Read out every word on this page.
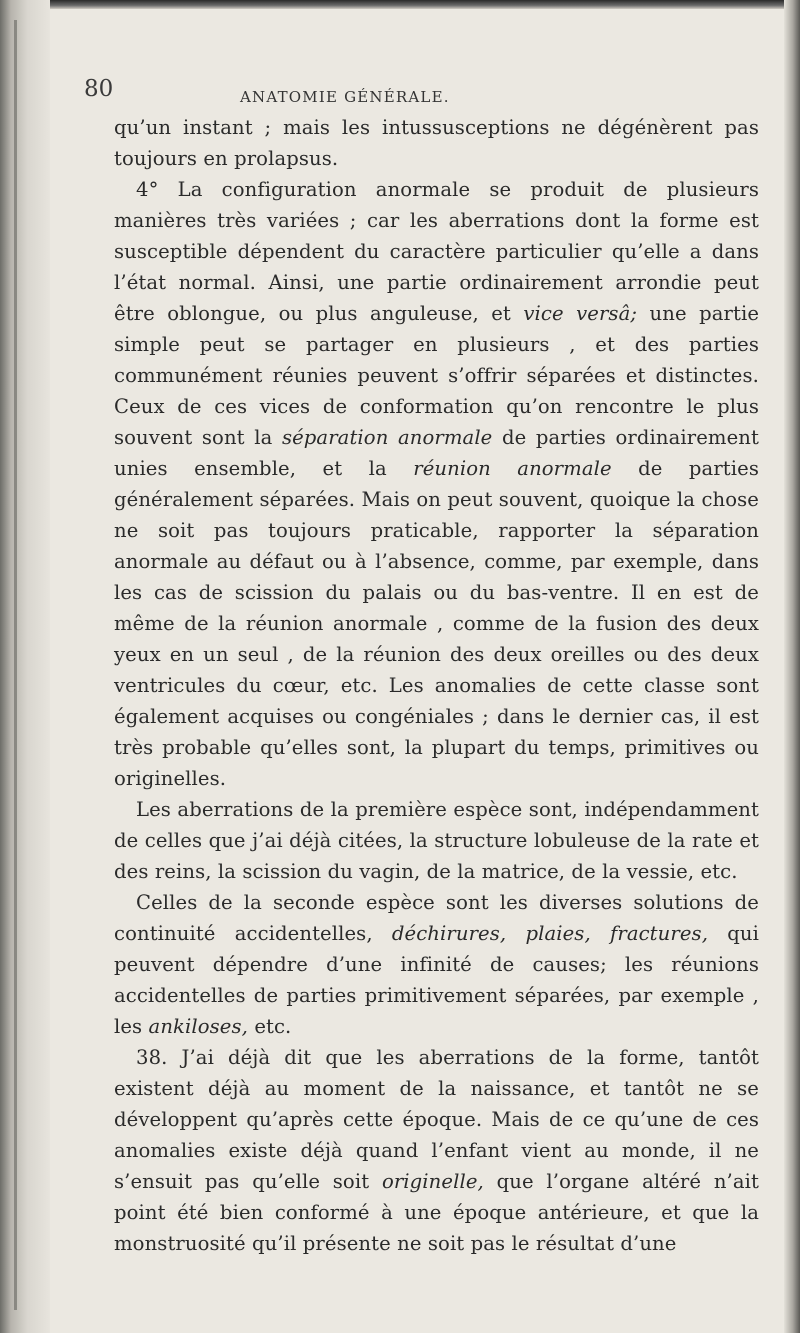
80	ANATOMIE GÉNÉRALE.

qu’un instant ; mais les intussusceptions ne dégénèrent pas toujours en prolapsus.

4° La configuration anormale se produit de plusieurs manières très variées ; car les aberrations dont la forme est susceptible dépendent du caractère particulier qu’elle a dans l’état normal. Ainsi, une partie ordinairement arrondie peut être oblongue, ou plus anguleuse, et vice versâ; une partie simple peut se partager en plusieurs , et des parties communément réunies peuvent s’offrir séparées et distinctes. Ceux de ces vices de conformation qu’on rencontre le plus souvent sont la séparation anormale de parties ordinairement unies ensemble, et la réunion anormale de parties généralement séparées. Mais on peut souvent, quoique la chose ne soit pas toujours praticable, rapporter la séparation anormale au défaut ou à l’absence, comme, par exemple, dans les cas de scission du palais ou du bas-ventre. Il en est de même de la réunion anormale , comme de la fusion des deux yeux en un seul , de la réunion des deux oreilles ou des deux ventricules du cœur, etc. Les anomalies de cette classe sont également acquises ou congéniales ; dans le dernier cas, il est très probable qu’elles sont, la plupart du temps, primitives ou originelles.

Les aberrations de la première espèce sont, indépendamment de celles que j’ai déjà citées, la structure lobuleuse de la rate et des reins, la scission du vagin, de la matrice, de la vessie, etc.

Celles de la seconde espèce sont les diverses solutions de continuité accidentelles, déchirures, plaies, fractures, qui peuvent dépendre d’une infinité de causes; les réunions accidentelles de parties primitivement séparées, par exemple , les ankiloses, etc.

38. J’ai déjà dit que les aberrations de la forme, tantôt existent déjà au moment de la naissance, et tantôt ne se développent qu’après cette époque. Mais de ce qu’une de ces anomalies existe déjà quand l’enfant vient au monde, il ne s’ensuit pas qu’elle soit originelle, que l’organe altéré n’ait point été bien conformé à une époque antérieure, et que la monstruosité qu’il présente ne soit pas le résultat d’une
